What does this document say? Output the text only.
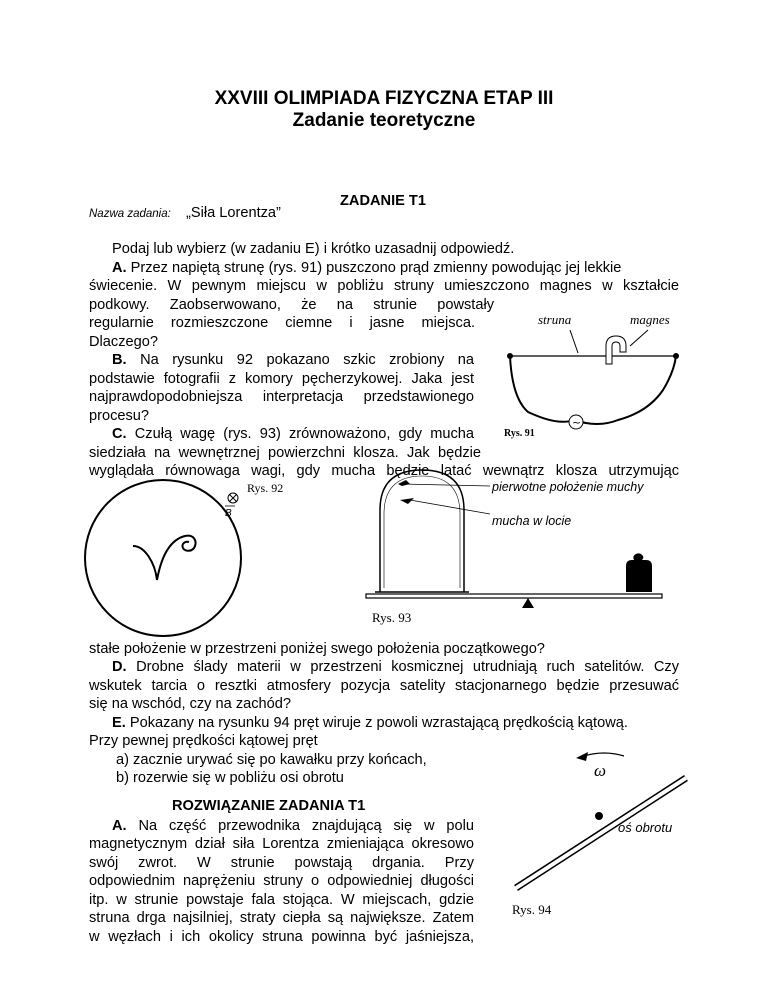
XXVIII OLIMPIADA FIZYCZNA ETAP III
Zadanie teoretyczne
ZADANIE T1
Nazwa zadania: „Siła Lorentza”
Podaj lub wybierz (w zadaniu E) i krótko uzasadnij odpowiedź.
A. Przez napiętą strunę (rys. 91) puszczono prąd zmienny powodując jej lekkie
świecenie. W pewnym miejscu w pobliżu struny umieszczono magnes w kształcie
podkowy. Zaobserwowano, że na strunie powstały
regularnie rozmieszczone ciemne i jasne miejsca.
Dlaczego?
B. Na rysunku 92 pokazano szkic zrobiony na
podstawie fotografii z komory pęcherzykowej. Jaka jest
najprawdopodobniejsza interpretacja przedstawionego
procesu?
C. Czułą wagę (rys. 93) zrównoważono, gdy mucha
siedziała na wewnętrznej powierzchni klosza. Jak będzie
wyglądała równowaga wagi, gdy mucha będzie latać wewnątrz klosza utrzymując
struna	magnes
~
Rys. 91
Rys. 92
B
pierwotne położenie muchy
mucha w locie
Rys. 93
stałe położenie w przestrzeni poniżej swego położenia początkowego?
D. Drobne ślady materii w przestrzeni kosmicznej utrudniają ruch satelitów. Czy
wskutek tarcia o resztki atmosfery pozycja satelity stacjonarnego będzie przesuwać
się na wschód, czy na zachód?
E. Pokazany na rysunku 94 pręt wiruje z powoli wzrastającą prędkością kątową.
Przy pewnej prędkości kątowej pręt
a) zacznie urywać się po kawałku przy końcach,
b) rozerwie się w pobliżu osi obrotu
ROZWIĄZANIE ZADANIA T1
A. Na część przewodnika znajdującą się w polu
magnetycznym dział siła Lorentza zmieniająca okresowo
swój zwrot. W strunie powstają drgania. Przy
odpowiednim naprężeniu struny o odpowiedniej długości
itp. w strunie powstaje fala stojąca. W miejscach, gdzie
struna drga najsilniej, straty ciepła są największe. Zatem
w węzłach i ich okolicy struna powinna być jaśniejsza,
ω
oś obrotu
Rys. 94
